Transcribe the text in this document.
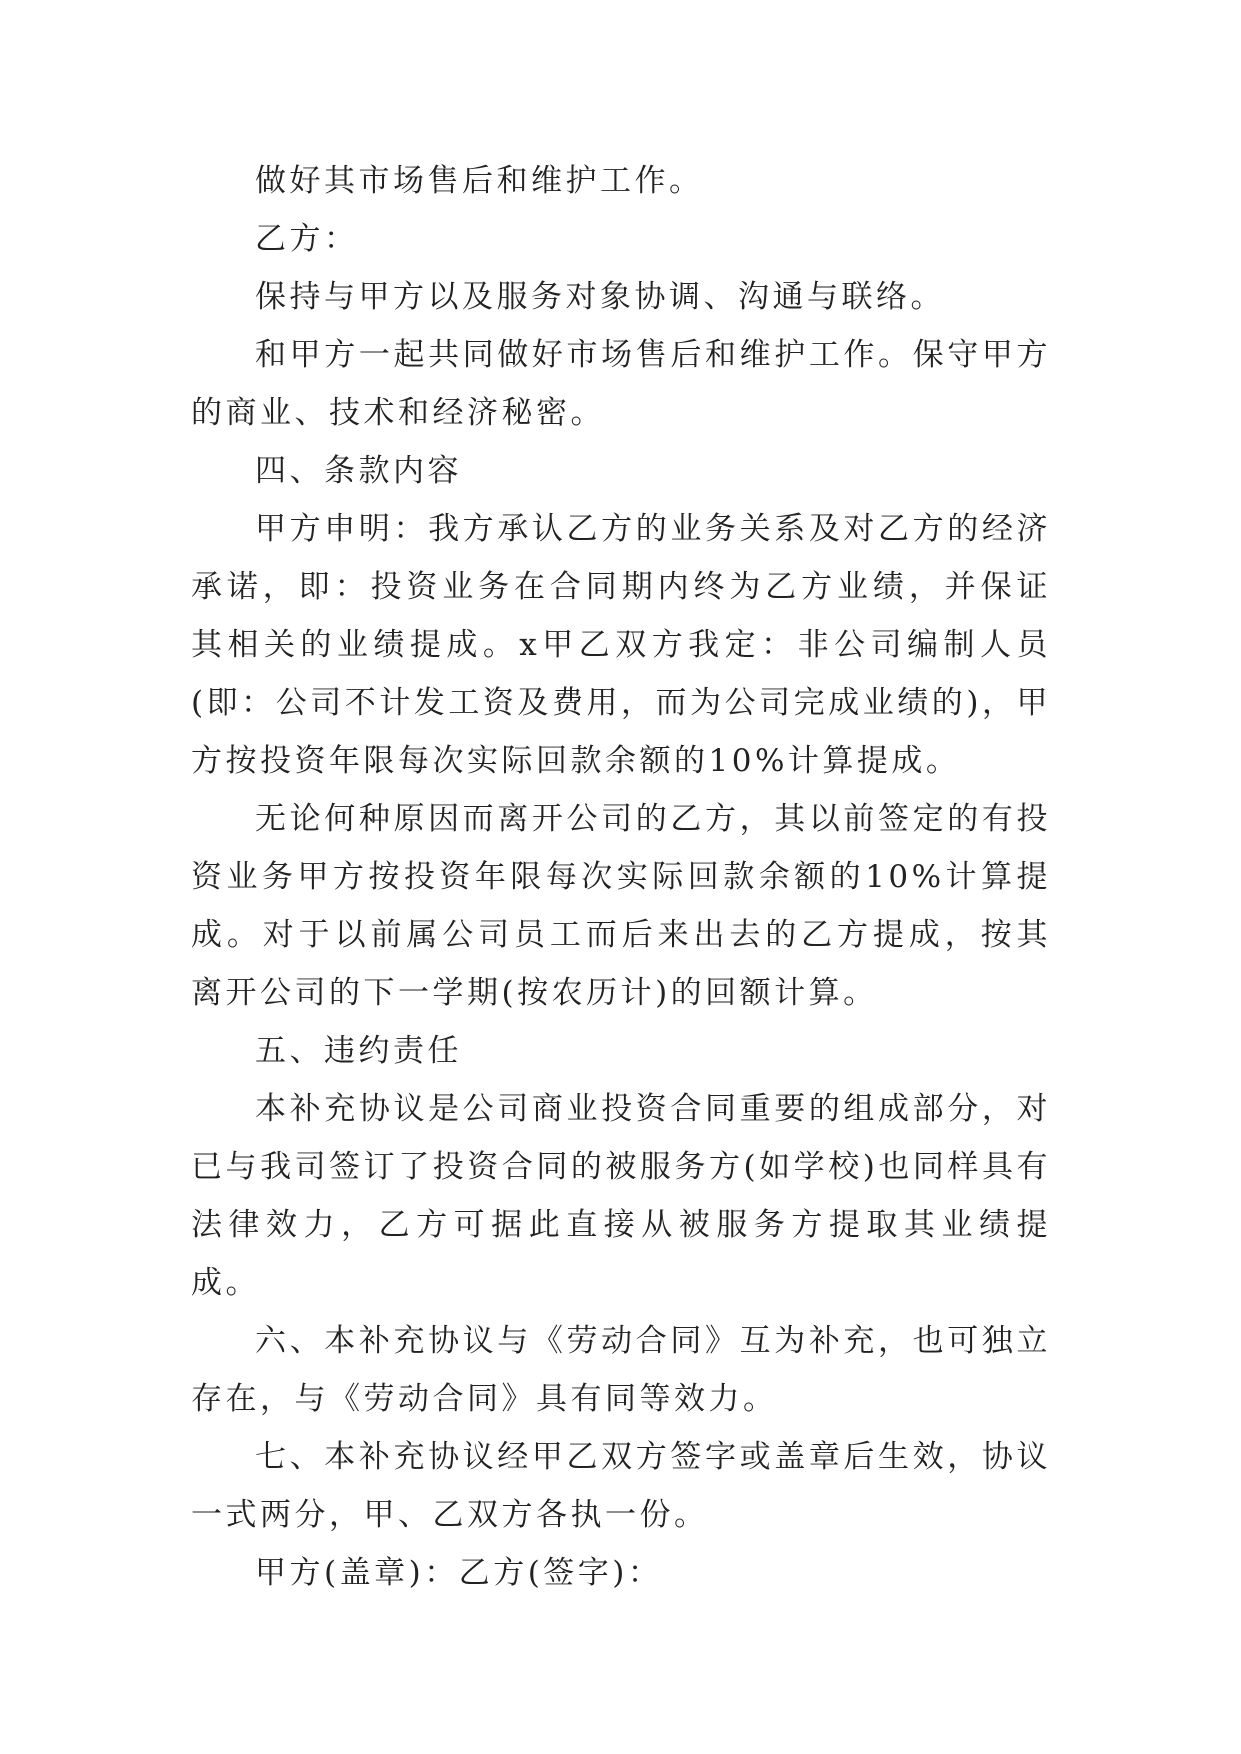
做好其市场售后和维护工作。

乙方：

保持与甲方以及服务对象协调、沟通与联络。

和甲方一起共同做好市场售后和维护工作。保守甲方的商业、技术和经济秘密。

四、条款内容

甲方申明：我方承认乙方的业务关系及对乙方的经济承诺，即：投资业务在合同期内终为乙方业绩，并保证其相关的业绩提成。x甲乙双方我定：非公司编制人员(即：公司不计发工资及费用，而为公司完成业绩的)，甲方按投资年限每次实际回款余额的10%计算提成。

无论何种原因而离开公司的乙方，其以前签定的有投资业务甲方按投资年限每次实际回款余额的10%计算提成。对于以前属公司员工而后来出去的乙方提成，按其离开公司的下一学期(按农历计)的回额计算。

五、违约责任

本补充协议是公司商业投资合同重要的组成部分，对已与我司签订了投资合同的被服务方(如学校)也同样具有法律效力，乙方可据此直接从被服务方提取其业绩提成。

六、本补充协议与《劳动合同》互为补充，也可独立存在，与《劳动合同》具有同等效力。

七、本补充协议经甲乙双方签字或盖章后生效，协议一式两分，甲、乙双方各执一份。

甲方(盖章)：乙方(签字)：
